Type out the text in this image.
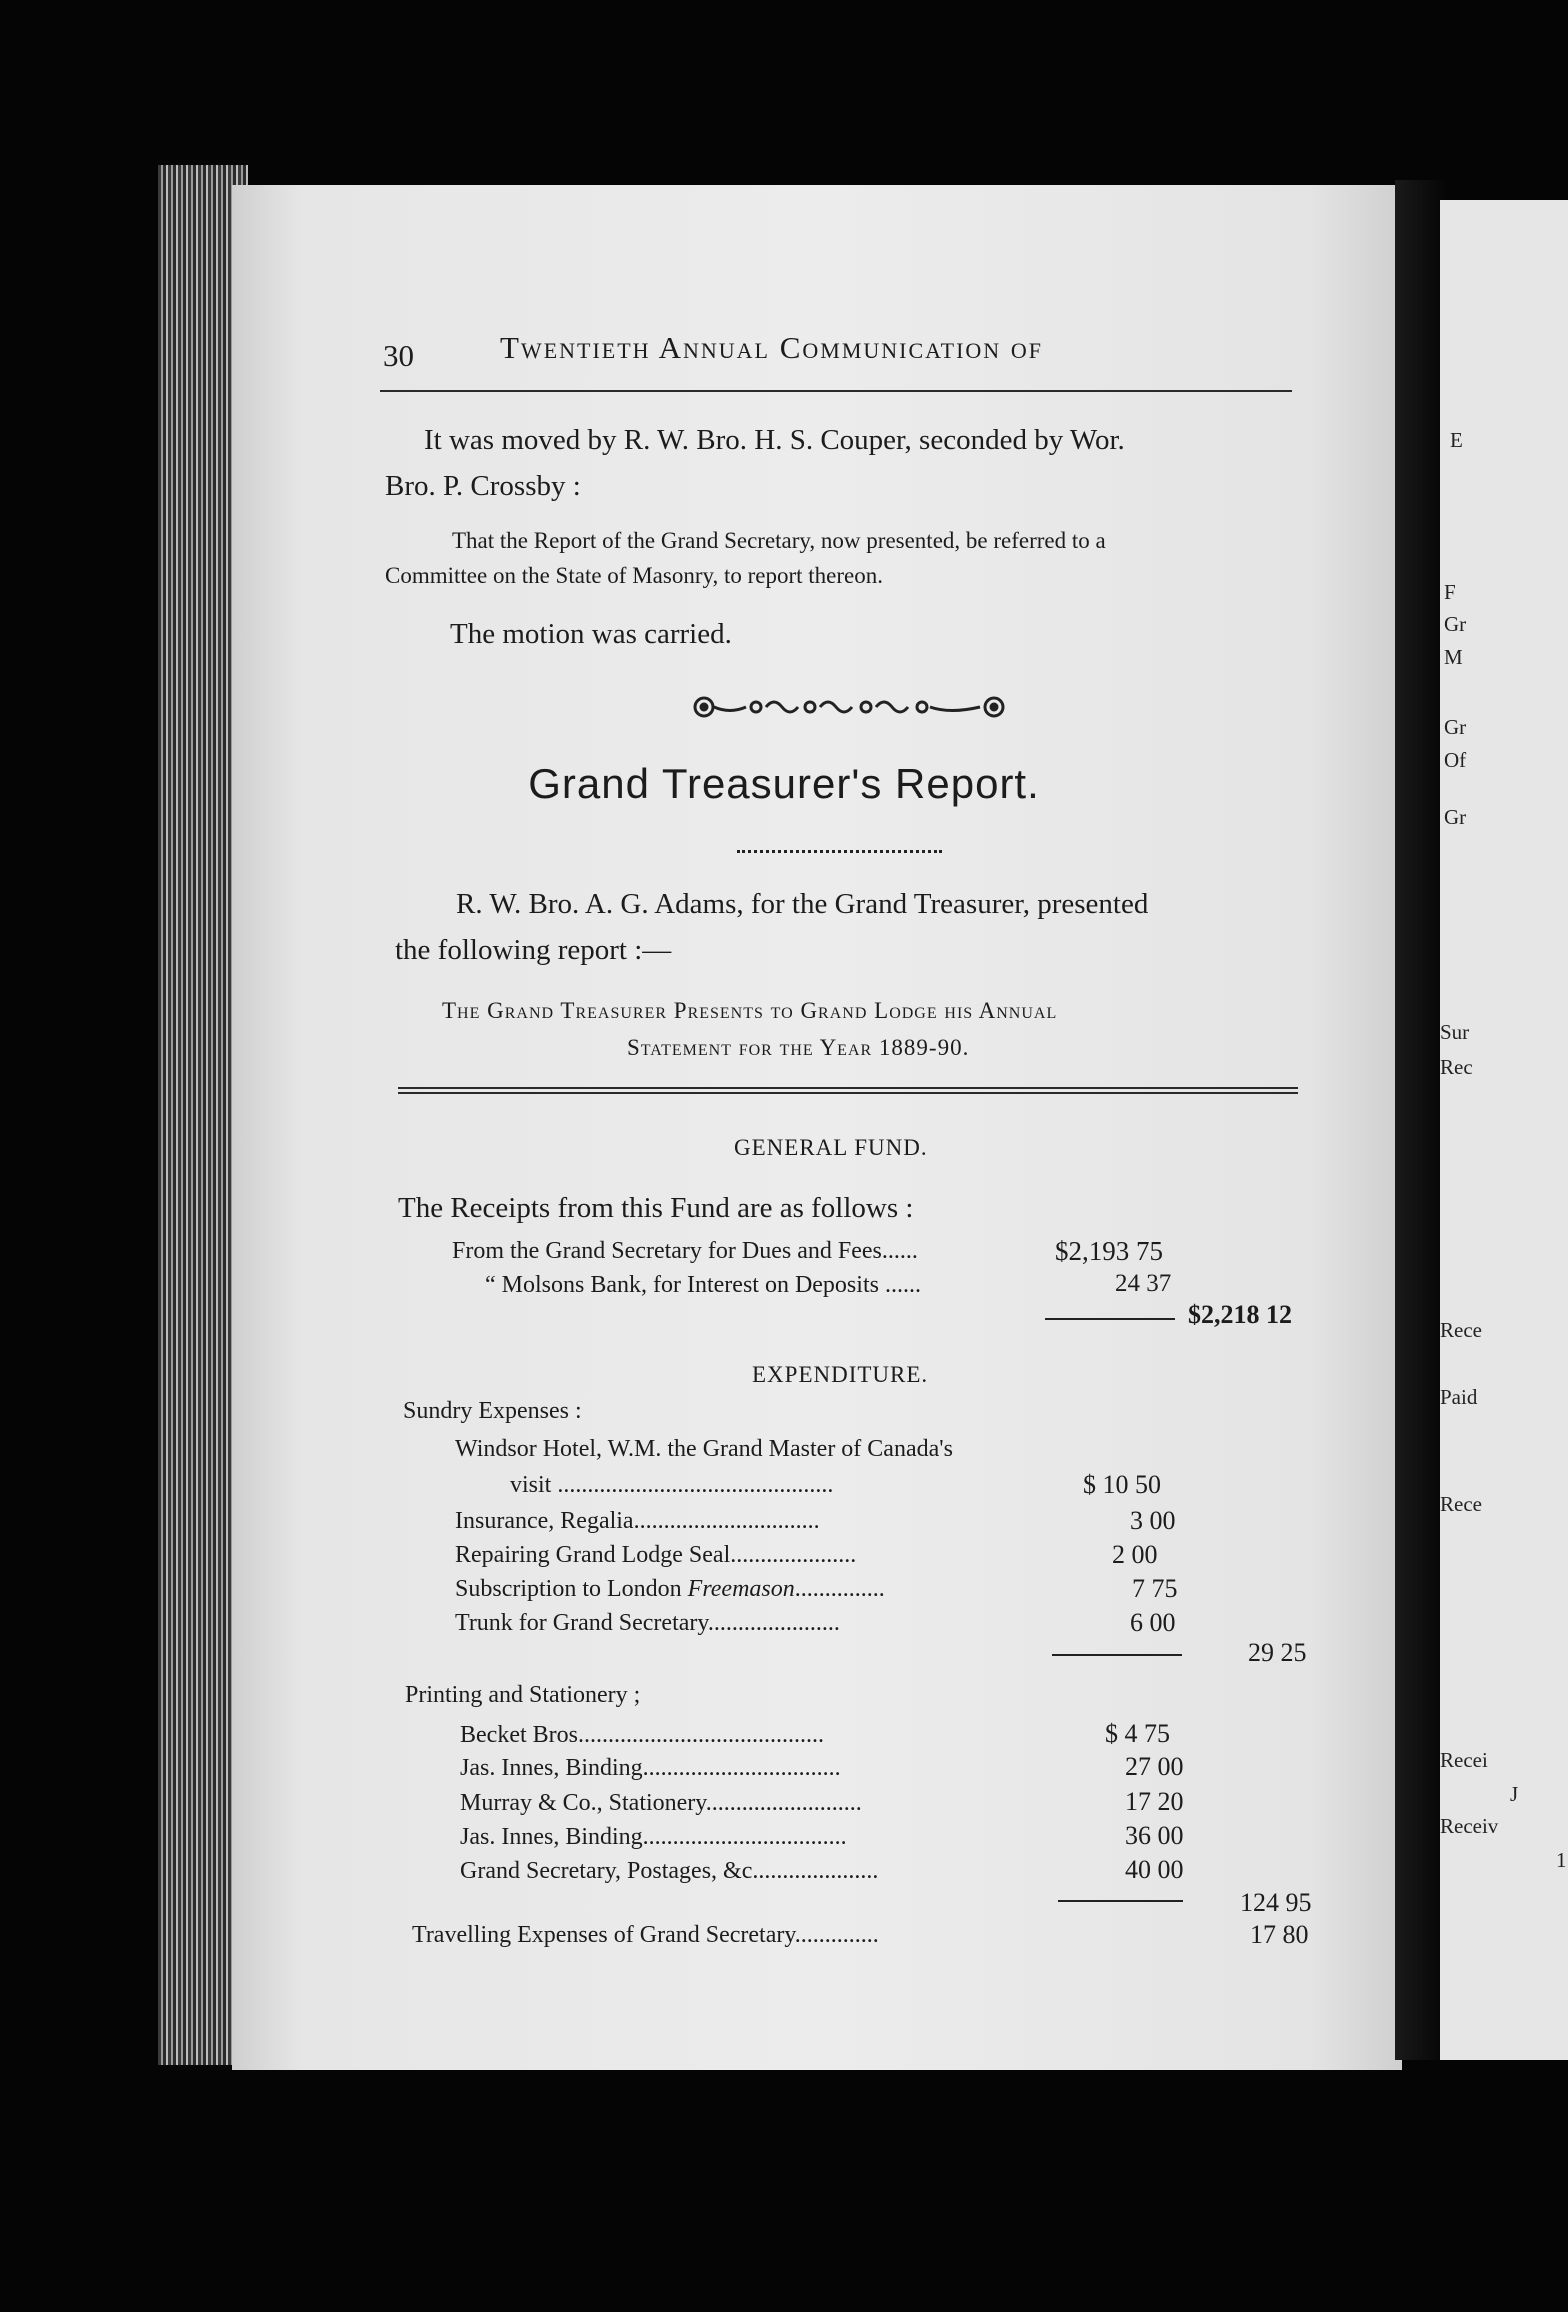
E
F
Gr
M
Gr
Of
Gr
Sur
Rec
Rece
Paid
Rece
Recei
J
Receiv
1
30	Twentieth Annual Communication of
It was moved by R. W. Bro. H. S. Couper, seconded by Wor.
Bro. P. Crossby :
That the Report of the Grand Secretary, now presented, be referred to a
Committee on the State of Masonry, to report thereon.
The motion was carried.
Grand Treasurer's Report.
R. W. Bro. A. G. Adams, for the Grand Treasurer, presented
the following report :—
The Grand Treasurer Presents to Grand Lodge his Annual
Statement for the Year 1889-90.
GENERAL FUND.
The Receipts from this Fund are as follows :
From the Grand Secretary for Dues and Fees......	$2,193 75
“ Molsons Bank, for Interest on Deposits ......	24 37
$2,218 12
EXPENDITURE.
Sundry Expenses :
Windsor Hotel, W.M. the Grand Master of Canada's
visit ..............................................	$ 10 50
Insurance, Regalia...............................	3 00
Repairing Grand Lodge Seal.....................	2 00
Subscription to London Freemason...............	7 75
Trunk for Grand Secretary......................	6 00
29 25
Printing and Stationery ;
Becket Bros.........................................	$ 4 75
Jas. Innes, Binding.................................	27 00
Murray & Co., Stationery..........................	17 20
Jas. Innes, Binding..................................	36 00
Grand Secretary, Postages, &c.....................	40 00
124 95
Travelling Expenses of Grand Secretary..............	17 80
